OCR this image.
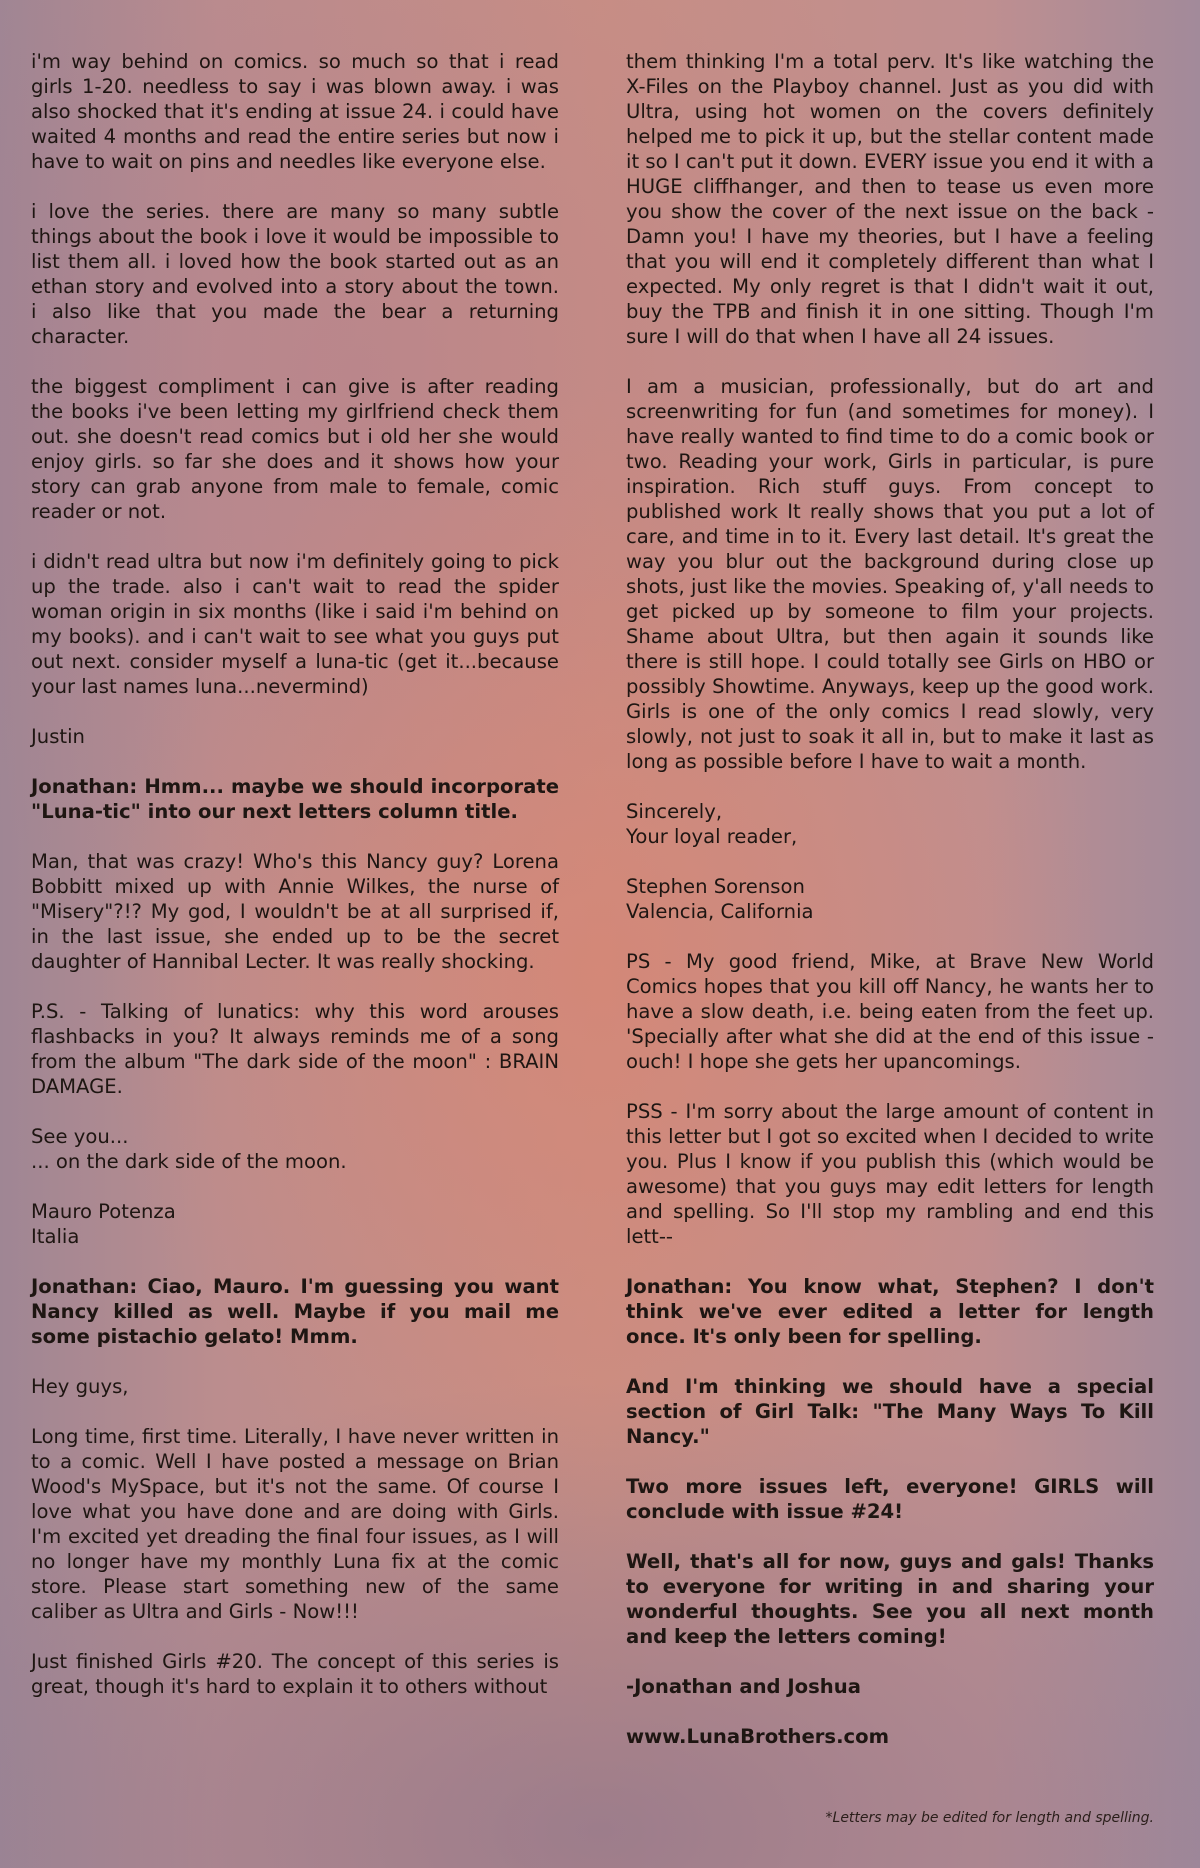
i'm way behind on comics. so much so that i read girls 1-20. needless to say i was blown away. i was also shocked that it's ending at issue 24. i could have waited 4 months and read the entire series but now i have to wait on pins and needles like everyone else.

i love the series. there are many so many subtle things about the book i love it would be impossible to list them all. i loved how the book started out as an ethan story and evolved into a story about the town. i also like that you made the bear a returning character.

the biggest compliment i can give is after reading the books i've been letting my girlfriend check them out. she doesn't read comics but i old her she would enjoy girls. so far she does and it shows how your story can grab anyone from male to female, comic reader or not.

i didn't read ultra but now i'm definitely going to pick up the trade. also i can't wait to read the spider woman origin in six months (like i said i'm behind on my books). and i can't wait to see what you guys put out next. consider myself a luna-tic (get it...because your last names luna...nevermind)

Justin

Jonathan: Hmm... maybe we should incorporate "Luna-tic" into our next letters column title.

Man, that was crazy! Who's this Nancy guy? Lorena Bobbitt mixed up with Annie Wilkes, the nurse of "Misery"?!? My god, I wouldn't be at all surprised if, in the last issue, she ended up to be the secret daughter of Hannibal Lecter. It was really shocking.

P.S. - Talking of lunatics: why this word arouses flashbacks in you? It always reminds me of a song from the album "The dark side of the moon" : BRAIN DAMAGE.

See you...

... on the dark side of the moon.

Mauro Potenza

Italia

Jonathan: Ciao, Mauro. I'm guessing you want Nancy killed as well. Maybe if you mail me some pistachio gelato! Mmm.

Hey guys,

Long time, first time. Literally, I have never written in to a comic. Well I have posted a message on Brian Wood's MySpace, but it's not the same. Of course I love what you have done and are doing with Girls. I'm excited yet dreading the final four issues, as I will no longer have my monthly Luna fix at the comic store. Please start something new of the same caliber as Ultra and Girls - Now!!!

Just finished Girls #20. The concept of this series is great, though it's hard to explain it to others without

them thinking I'm a total perv. It's like watching the X-Files on the Playboy channel. Just as you did with Ultra, using hot women on the covers definitely helped me to pick it up, but the stellar content made it so I can't put it down. EVERY issue you end it with a HUGE cliffhanger, and then to tease us even more you show the cover of the next issue on the back - Damn you! I have my theories, but I have a feeling that you will end it completely different than what I expected. My only regret is that I didn't wait it out, buy the TPB and finish it in one sitting. Though I'm sure I will do that when I have all 24 issues.

I am a musician, professionally, but do art and screenwriting for fun (and sometimes for money). I have really wanted to find time to do a comic book or two. Reading your work, Girls in particular, is pure inspiration. Rich stuff guys. From concept to published work It really shows that you put a lot of care, and time in to it. Every last detail. It's great the way you blur out the background during close up shots, just like the movies. Speaking of, y'all needs to get picked up by someone to film your projects. Shame about Ultra, but then again it sounds like there is still hope. I could totally see Girls on HBO or possibly Showtime. Anyways, keep up the good work. Girls is one of the only comics I read slowly, very slowly, not just to soak it all in, but to make it last as long as possible before I have to wait a month.

Sincerely,

Your loyal reader,

Stephen Sorenson

Valencia, California

PS - My good friend, Mike, at Brave New World Comics hopes that you kill off Nancy, he wants her to have a slow death, i.e. being eaten from the feet up. 'Specially after what she did at the end of this issue - ouch! I hope she gets her upancomings.

PSS - I'm sorry about the large amount of content in this letter but I got so excited when I decided to write you. Plus I know if you publish this (which would be awesome) that you guys may edit letters for length and spelling. So I'll stop my rambling and end this lett--

Jonathan: You know what, Stephen? I don't think we've ever edited a letter for length once. It's only been for spelling.

And I'm thinking we should have a special section of Girl Talk: "The Many Ways To Kill Nancy."

Two more issues left, everyone! GIRLS will conclude with issue #24!

Well, that's all for now, guys and gals! Thanks to everyone for writing in and sharing your wonderful thoughts. See you all next month and keep the letters coming!

-Jonathan and Joshua

www.LunaBrothers.com

*Letters may be edited for length and spelling.
